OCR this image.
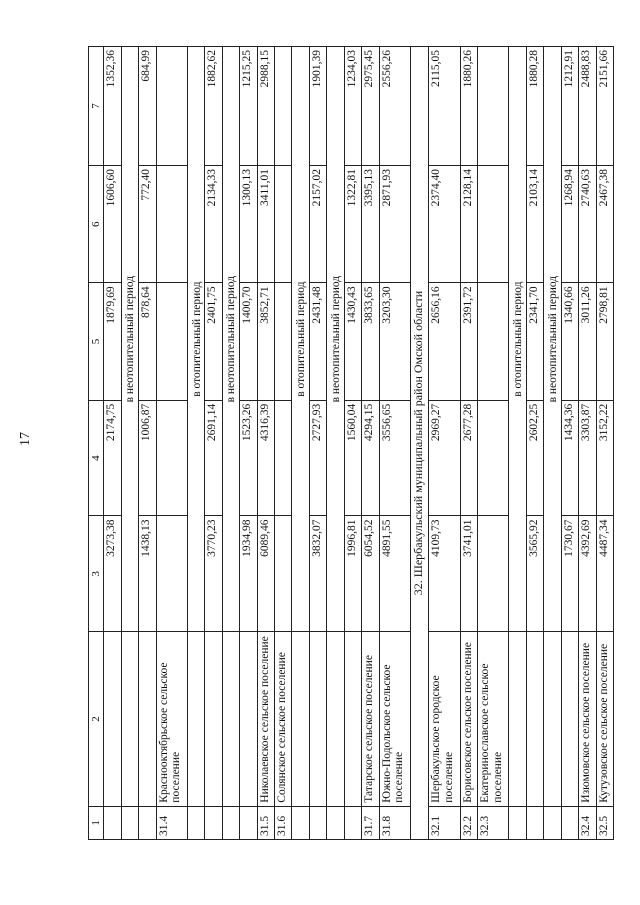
17
1	2	3	4	5	6	7
		3273,38	2174,75	1879,69	1606,60	1352,36
		в неотопительный период				
		1438,13	1006,87	878,64	772,40	684,99
31.4	Краснооктябрьское сельское поселение					
		в отопительный период				
		3770,23	2691,14	2401,75	2134,33	1882,62
		в неотопительный период				
		1934,98	1523,26	1400,70	1300,13	1215,25
31.5	Николаевское сельское поселение	6089,46	4316,39	3852,71	3411,01	2988,15
31.6	Солянское сельское поселение					
		в отопительный период				
		3832,07	2727,93	2431,48	2157,02	1901,39
		в неотопительный период				
		1996,81	1560,04	1430,43	1322,81	1234,03
31.7	Татарское сельское поселение	6054,52	4294,15	3833,65	3395,13	2975,45
31.8	Южно-Подольское сельское поселение	4891,55	3556,65	3203,30	2871,93	2556,26
32. Шербакульский муниципальный район Омской области						
32.1	Шербакульское городское поселение	4109,73	2969,27	2656,16	2374,40	2115,05
32.2	Борисовское сельское поселение	3741,01	2677,28	2391,72	2128,14	1880,26
32.3	Екатеринославское сельское поселение					
		в отопительный период				
		3565,92	2602,25	2341,70	2103,14	1880,28
		в неотопительный период				
		1730,67	1434,36	1340,66	1268,94	1212,91
32.4	Изюмовское сельское поселение	4392,69	3303,87	3011,26	2740,63	2488,83
32.5	Кутузовское сельское поселение	4487,34	3152,22	2798,81	2467,38	2151,66
